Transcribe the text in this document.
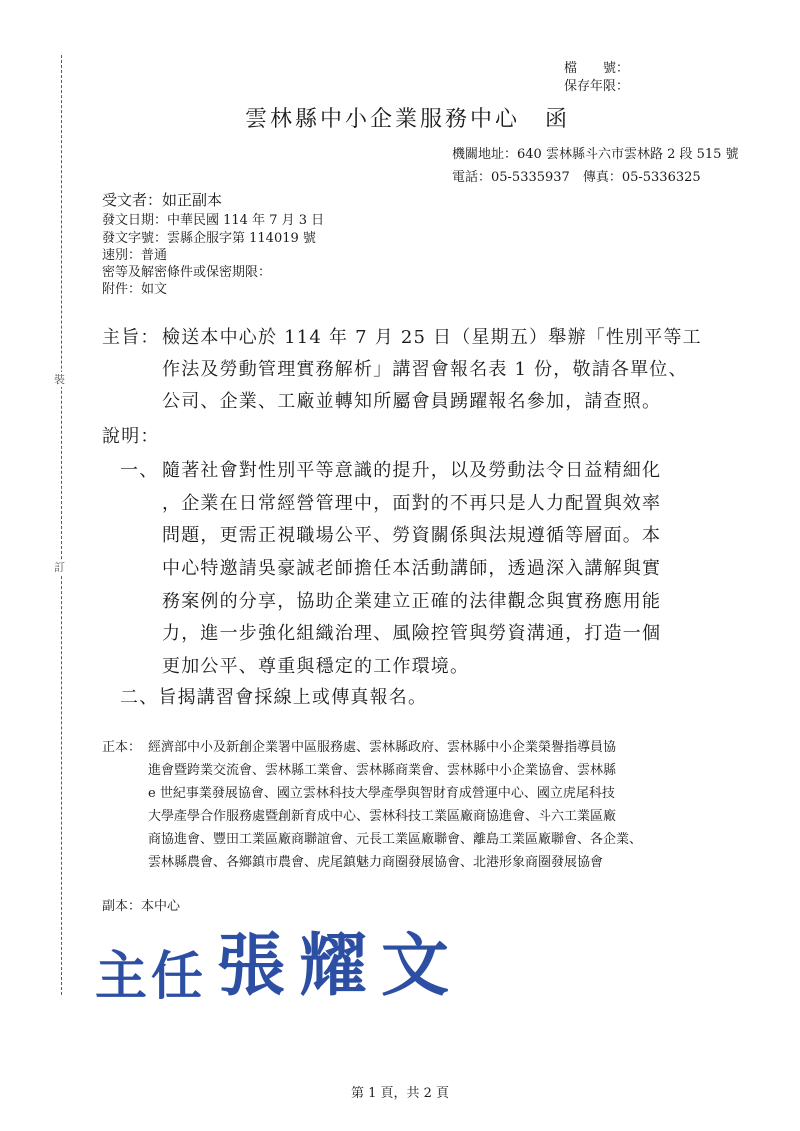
裝
訂
檔　　號：
保存年限：
雲林縣中小企業服務中心　函
機關地址：640 雲林縣斗六市雲林路 2 段 515 號
電話：05-5335937　傳真：05-5336325
受文者：如正副本
發文日期：中華民國 114 年 7 月 3 日
發文字號：雲縣企服字第 114019 號
速別：普通
密等及解密條件或保密期限：
附件：如文
主旨： 檢送本中心於 114 年 7 月 25 日（星期五）舉辦「性別平等工
作法及勞動管理實務解析」講習會報名表 1 份，敬請各單位、
公司、企業、工廠並轉知所屬會員踴躍報名參加，請查照。
說明：
一、 隨著社會對性別平等意識的提升，以及勞動法令日益精細化
，企業在日常經營管理中，面對的不再只是人力配置與效率
問題，更需正視職場公平、勞資關係與法規遵循等層面。本
中心特邀請吳豪誠老師擔任本活動講師，透過深入講解與實
務案例的分享，協助企業建立正確的法律觀念與實務應用能
力，進一步強化組織治理、風險控管與勞資溝通，打造一個
更加公平、尊重與穩定的工作環境。
二、旨揭講習會採線上或傳真報名。
正本： 經濟部中小及新創企業署中區服務處、雲林縣政府、雲林縣中小企業榮譽指導員協
進會暨跨業交流會、雲林縣工業會、雲林縣商業會、雲林縣中小企業協會、雲林縣
e 世紀事業發展協會、國立雲林科技大學產學與智財育成營運中心、國立虎尾科技
大學產學合作服務處暨創新育成中心、雲林科技工業區廠商協進會、斗六工業區廠
商協進會、豐田工業區廠商聯誼會、元長工業區廠聯會、離島工業區廠聯會、各企業、
雲林縣農會、各鄉鎮市農會、虎尾鎮魅力商圈發展協會、北港形象商圈發展協會
副本：本中心
主任 張耀文
第 1 頁，共 2 頁
